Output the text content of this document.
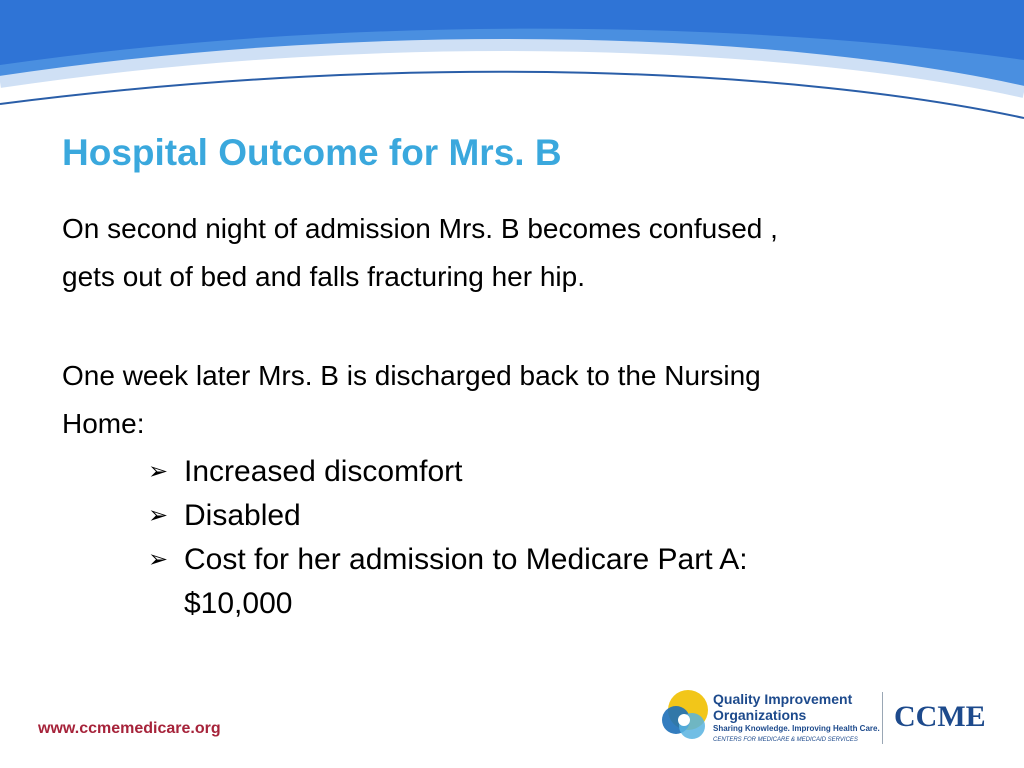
Hospital Outcome for Mrs. B
On second night of admission Mrs. B becomes confused ,
gets out of bed and falls fracturing her hip.
One week later Mrs. B is discharged back to the Nursing
Home:
➢ Increased discomfort
➢ Disabled
➢ Cost for her admission to Medicare Part A:
$10,000
www.ccmemedicare.org
Quality Improvement
Organizations
Sharing Knowledge. Improving Health Care.
CENTERS FOR MEDICARE & MEDICAID SERVICES
CCME
